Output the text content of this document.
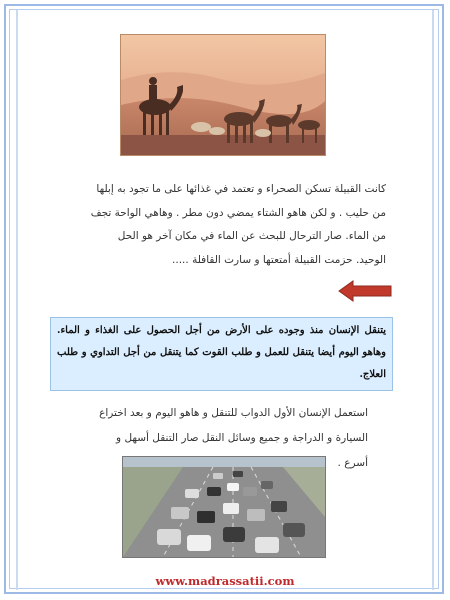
كانت القبيلة تسكن الصحراء و تعتمد في غذائها على ما تجود به إبلها من حليب . و لكن هاهو الشتاء يمضي دون مطر . وهاهي الواحة تجف من الماء. صار الترحال للبحث عن الماء في مكان آخر هو الحل الوحيد. حزمت القبيلة أمتعتها و سارت القافلة .....

يتنقل الإنسان منذ وجوده على الأرض من أجل الحصول على الغذاء و الماء. وهاهو اليوم أيضا يتنقل للعمل و طلب القوت كما يتنقل من أجل التداوي و طلب العلاج.

استعمل الإنسان الأول الدواب للتنقل و هاهو اليوم و بعد اختراع السيارة و الدراجة و جميع وسائل النقل صار التنقل أسهل و أسرع .

www.madrassatii.com
